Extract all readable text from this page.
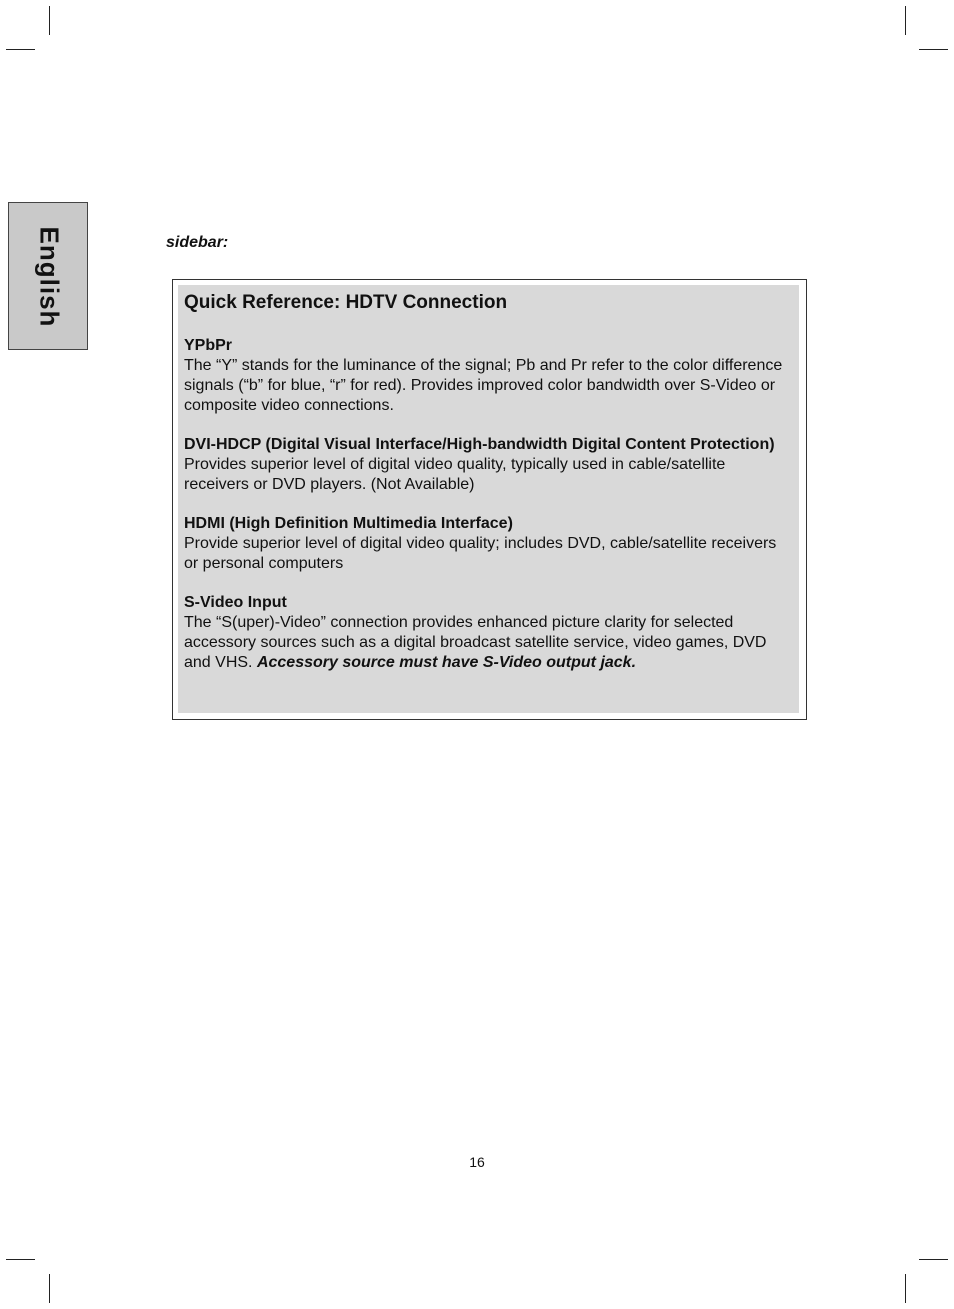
English	sidebar:
Quick Reference: HDTV Connection
YPbPr
The “Y” stands for the luminance of the signal; Pb and Pr refer to the color difference signals (“b” for blue, “r” for red). Provides improved color bandwidth over S-Video or composite video connections.
DVI-HDCP (Digital Visual Interface/High-bandwidth Digital Content Protection)
Provides superior level of digital video quality, typically used in cable/satellite receivers or DVD players. (Not Available)
HDMI (High Definition Multimedia Interface)
Provide superior level of digital video quality; includes DVD, cable/satellite receivers or personal computers
S-Video Input
The “S(uper)-Video” connection provides enhanced picture clarity for selected accessory sources such as a digital broadcast satellite service, video games, DVD and VHS. Accessory source must have S-Video output jack.
16
